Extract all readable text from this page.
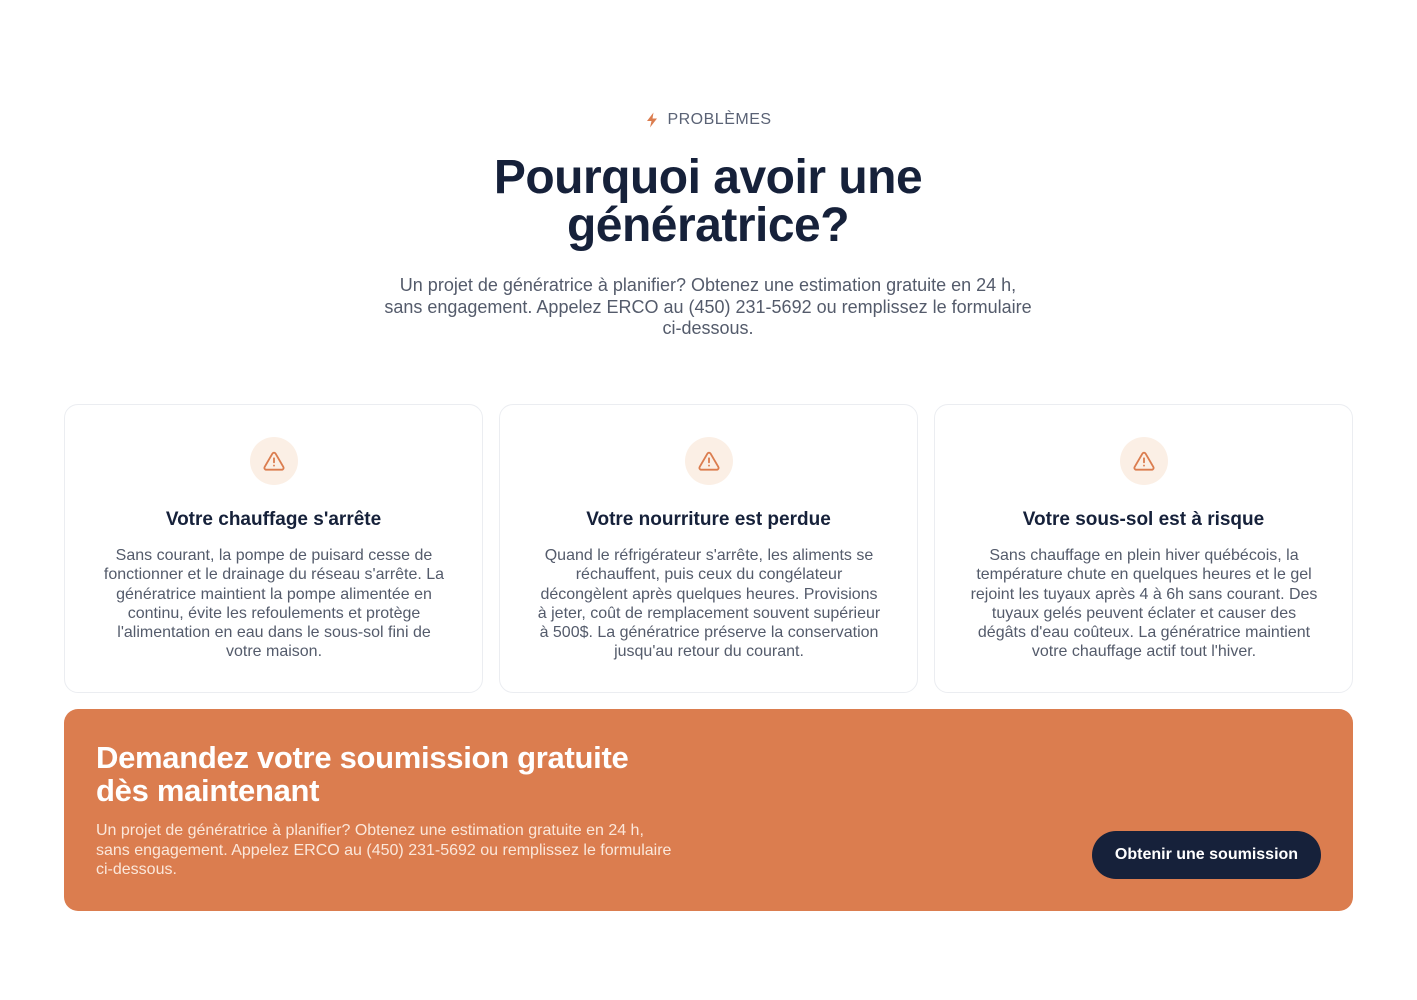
PROBLÈMES
Pourquoi avoir une
génératrice?

Un projet de génératrice à planifier? Obtenez une estimation gratuite en 24 h,
sans engagement. Appelez ERCO au (450) 231-5692 ou remplissez le formulaire
ci-dessous.

Votre chauffage s'arrête

Sans courant, la pompe de puisard cesse de
fonctionner et le drainage du réseau s'arrête. La
génératrice maintient la pompe alimentée en
continu, évite les refoulements et protège
l'alimentation en eau dans le sous-sol fini de
votre maison.

Votre nourriture est perdue

Quand le réfrigérateur s'arrête, les aliments se
réchauffent, puis ceux du congélateur
décongèlent après quelques heures. Provisions
à jeter, coût de remplacement souvent supérieur
à 500$. La génératrice préserve la conservation
jusqu'au retour du courant.

Votre sous-sol est à risque

Sans chauffage en plein hiver québécois, la
température chute en quelques heures et le gel
rejoint les tuyaux après 4 à 6h sans courant. Des
tuyaux gelés peuvent éclater et causer des
dégâts d'eau coûteux. La génératrice maintient
votre chauffage actif tout l'hiver.

Demandez votre soumission gratuite
dès maintenant

Un projet de génératrice à planifier? Obtenez une estimation gratuite en 24 h,
sans engagement. Appelez ERCO au (450) 231-5692 ou remplissez le formulaire
ci-dessous.

Obtenir une soumission
